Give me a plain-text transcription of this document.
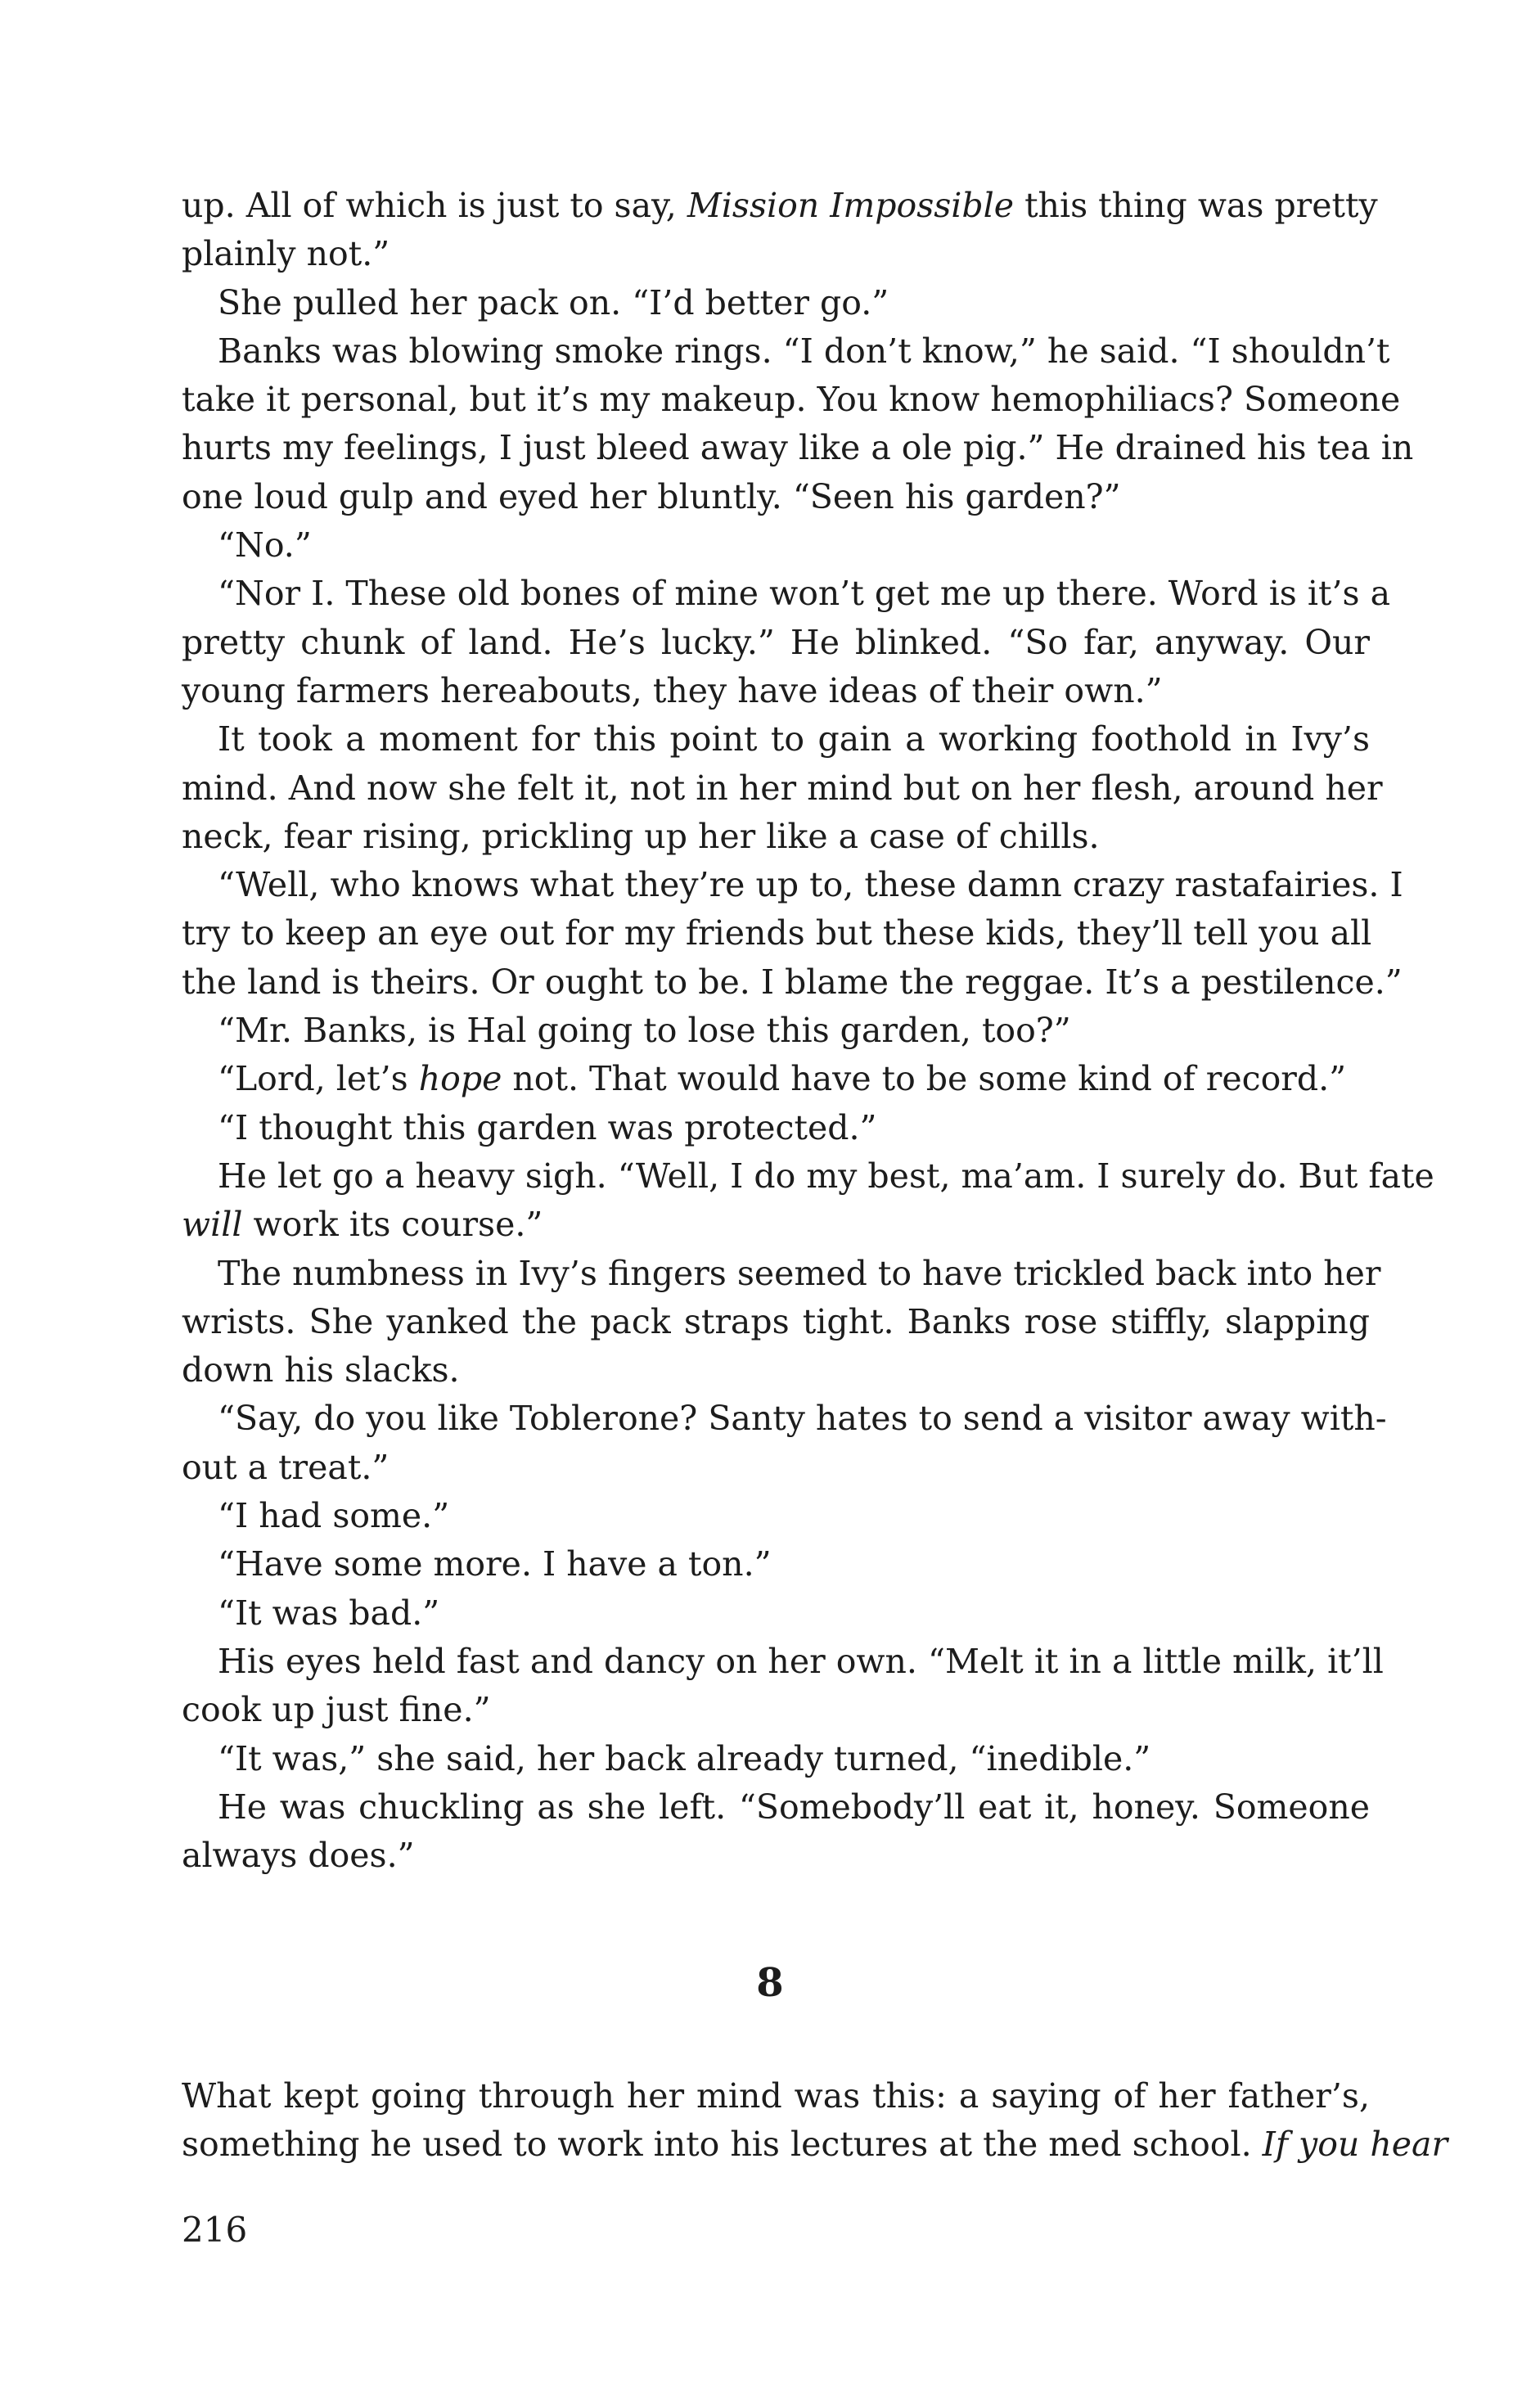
up. All of which is just to say, Mission Impossible this thing was pretty
plainly not.”
She pulled her pack on. “I’d better go.”
Banks was blowing smoke rings. “I don’t know,” he said. “I shouldn’t
take it personal, but it’s my makeup. You know hemophiliacs? Someone
hurts my feelings, I just bleed away like a ole pig.” He drained his tea in
one loud gulp and eyed her bluntly. “Seen his garden?”
“No.”
“Nor I. These old bones of mine won’t get me up there. Word is it’s a
pretty chunk of land. He’s lucky.” He blinked. “So far, anyway. Our
young farmers hereabouts, they have ideas of their own.”
It took a moment for this point to gain a working foothold in Ivy’s
mind. And now she felt it, not in her mind but on her flesh, around her
neck, fear rising, prickling up her like a case of chills.
“Well, who knows what they’re up to, these damn crazy rastafairies. I
try to keep an eye out for my friends but these kids, they’ll tell you all
the land is theirs. Or ought to be. I blame the reggae. It’s a pestilence.”
“Mr. Banks, is Hal going to lose this garden, too?”
“Lord, let’s hope not. That would have to be some kind of record.”
“I thought this garden was protected.”
He let go a heavy sigh. “Well, I do my best, ma’am. I surely do. But fate
will work its course.”
The numbness in Ivy’s fingers seemed to have trickled back into her
wrists. She yanked the pack straps tight. Banks rose stiffly, slapping
down his slacks.
“Say, do you like Toblerone? Santy hates to send a visitor away with-
out a treat.”
“I had some.”
“Have some more. I have a ton.”
“It was bad.”
His eyes held fast and dancy on her own. “Melt it in a little milk, it’ll
cook up just fine.”
“It was,” she said, her back already turned, “inedible.”
He was chuckling as she left. “Somebody’ll eat it, honey. Someone
always does.”
8
What kept going through her mind was this: a saying of her father’s,
something he used to work into his lectures at the med school. If you hear
216
